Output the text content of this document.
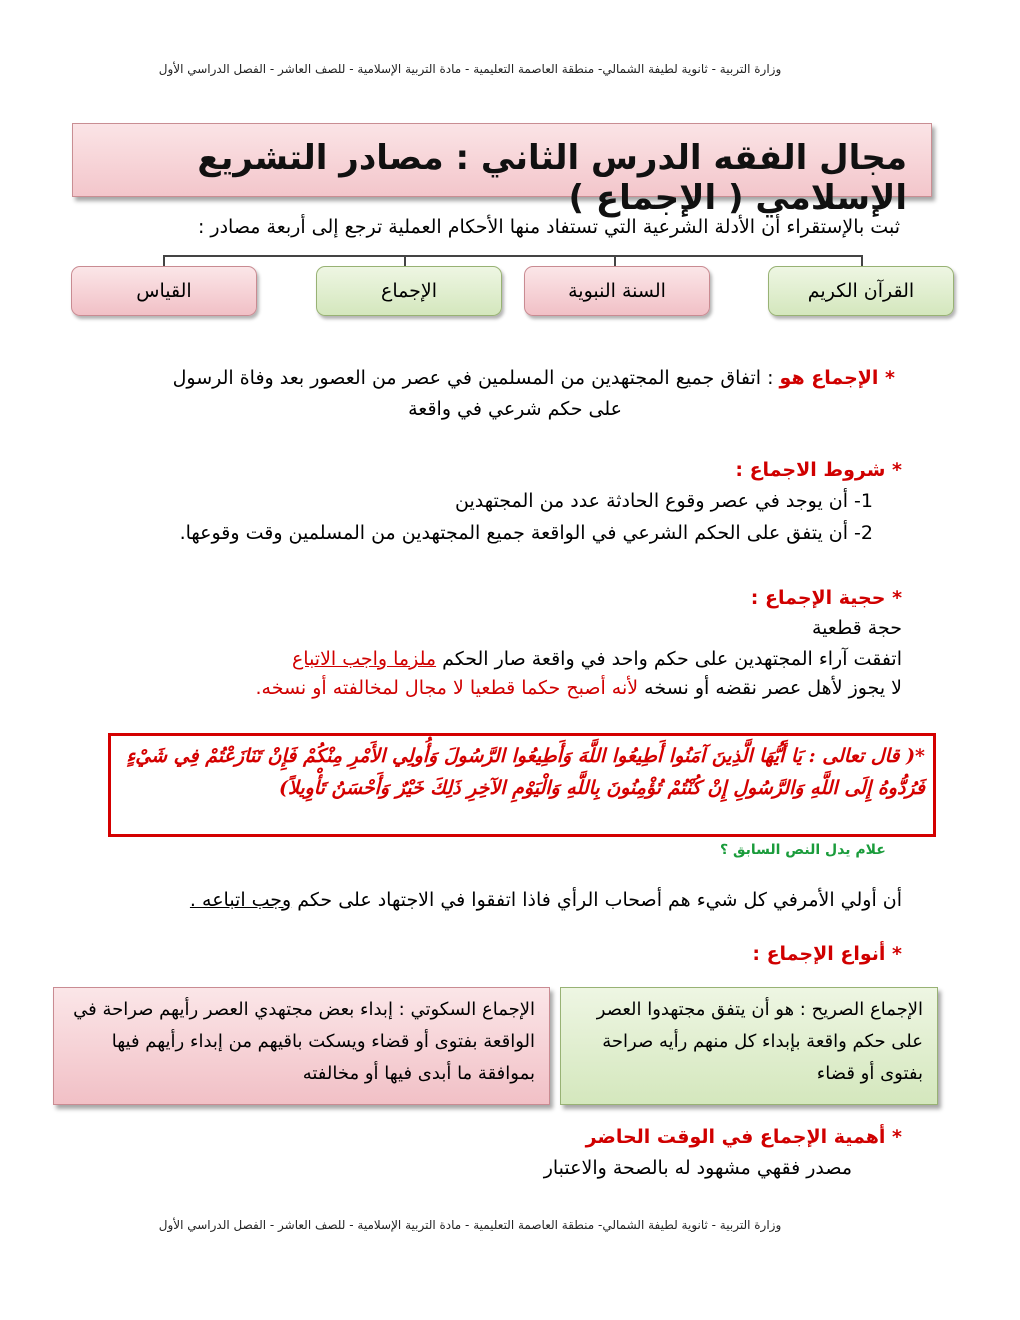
وزارة التربية - ثانوية لطيفة الشمالي- منطقة العاصمة التعليمية - مادة التربية الإسلامية - للصف العاشر - الفصل الدراسي الأول
مجال الفقه الدرس الثاني : مصادر التشريع الإسلامي ( الإجماع )
ثبت بالإستقراء أن الأدلة الشرعية التي تستفاد منها الأحكام العملية ترجع إلى أربعة مصادر :
القرآن الكريم
السنة النبوية
الإجماع
القياس
* الإجماع هو : اتفاق جميع المجتهدين من المسلمين في عصر من العصور بعد وفاة الرسول
على حكم شرعي في واقعة
* شروط الاجماع :
1- أن يوجد في عصر وقوع الحادثة عدد من المجتهدين
2- أن يتفق على الحكم الشرعي في الواقعة جميع المجتهدين من المسلمين وقت وقوعها.
* حجية الإجماع :
حجة قطعية
اتفقت آراء المجتهدين على حكم واحد في واقعة صار الحكم ملزما واجب الاتباع
لا يجوز لأهل عصر نقضه أو نسخه لأنه أصبح حكما قطعيا لا مجال لمخالفته أو نسخه.
*( قال تعالى : يَا أَيُّهَا الَّذِينَ آمَنُوا أَطِيعُوا اللَّهَ وَأَطِيعُوا الرَّسُولَ وَأُولِي الأَمْرِ مِنْكُمْ فَإِنْ تَنَازَعْتُمْ فِي شَيْءٍ فَرُدُّوهُ إِلَى اللَّهِ وَالرَّسُولِ إِنْ كُنْتُمْ تُؤْمِنُونَ بِاللَّهِ وَالْيَوْمِ الآخِرِ ذَلِكَ خَيْرٌ وَأَحْسَنُ تَأْوِيلاً)
علام يدل النص السابق ؟
أن أولي الأمرفي كل شيء هم أصحاب الرأي فاذا اتفقوا في الاجتهاد على حكم وجب اتباعه .
* أنواع الإجماع :
الإجماع الصريح : هو أن يتفق مجتهدوا العصر على حكم واقعة بإبداء كل منهم رأيه صراحة بفتوى أو قضاء
الإجماع السكوتي : إبداء بعض مجتهدي العصر رأيهم صراحة في الواقعة بفتوى أو قضاء ويسكت باقيهم من إبداء رأيهم فيها بموافقة ما أبدى فيها أو مخالفته
* أهمية الإجماع في الوقت الحاضر
مصدر فقهي مشهود له بالصحة والاعتبار
وزارة التربية - ثانوية لطيفة الشمالي- منطقة العاصمة التعليمية - مادة التربية الإسلامية - للصف العاشر - الفصل الدراسي الأول
